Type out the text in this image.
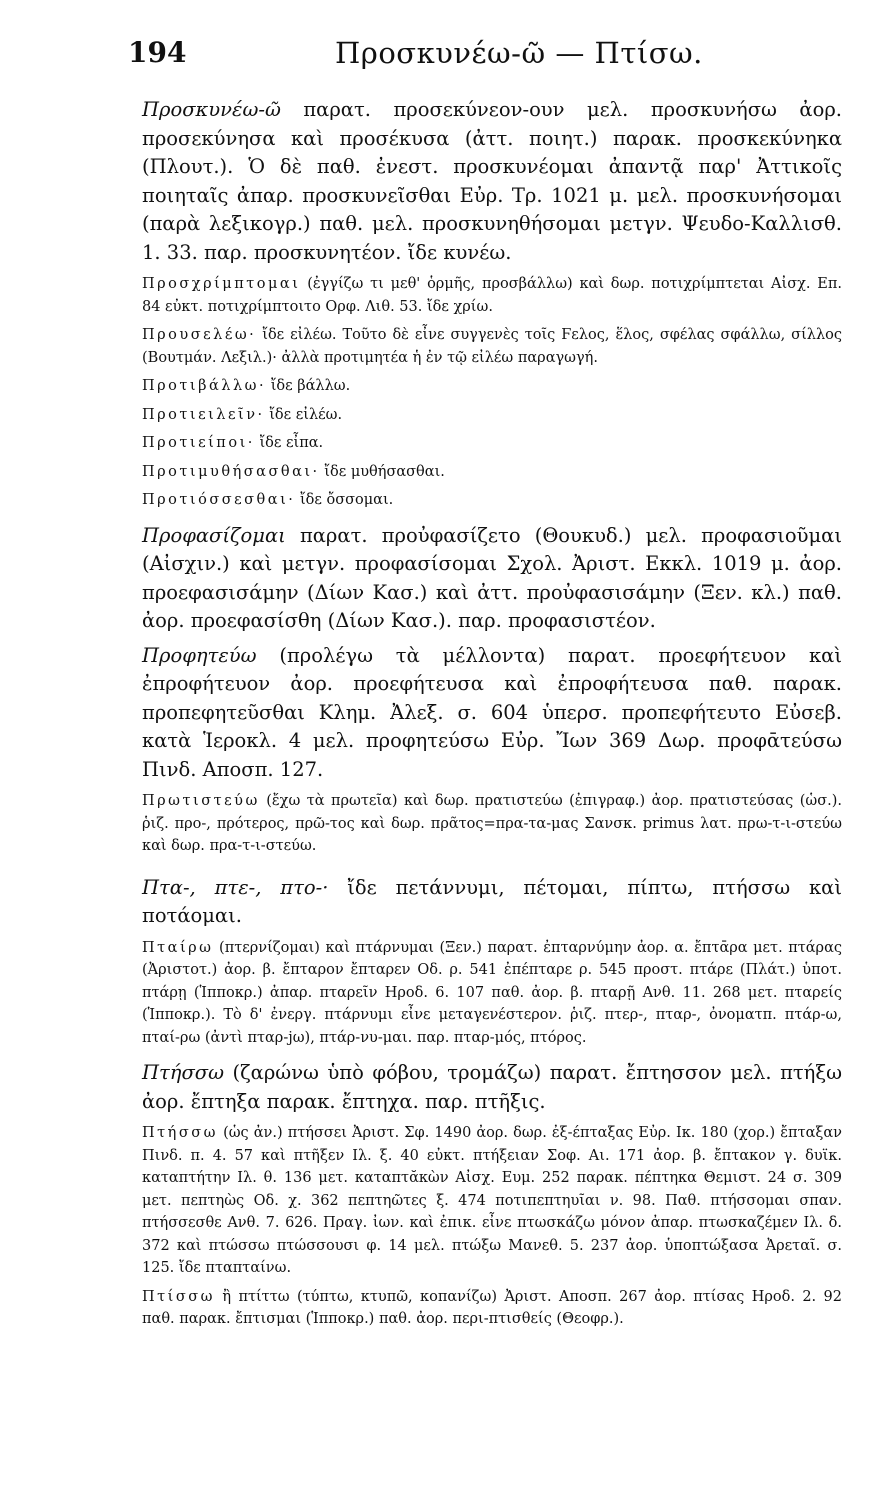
194	Προσκυνέω-ῶ — Πτίσω.

Προσκυνέω-ῶ παρατ. προσεκύνεον-ουν μελ. προσκυνήσω ἀορ. προσεκύνησα καὶ προσέκυσα (ἀττ. ποιητ.) παρακ. προσκεκύνηκα (Πλουτ.). Ὁ δὲ παθ. ἐνεστ. προσκυνέομαι ἀπαντᾷ παρ' Ἀττικοῖς ποιηταῖς ἀπαρ. προσκυνεῖσθαι Εὐρ. Τρ. 1021 μ. μελ. προσκυνήσομαι (παρὰ λεξικογρ.) παθ. μελ. προσκυνηθήσομαι μετγν. Ψευδο-Καλλισθ. 1. 33. παρ. προσκυνητέον. ἴδε κυνέω.

Προσχρίμπτομαι (ἐγγίζω τι μεθ' ὁρμῆς, προσβάλλω) καὶ δωρ. ποτιχρίμπτεται Αἰσχ. Επ. 84 εὐκτ. ποτιχρίμπτοιτο Ορφ. Λιθ. 53. ἴδε χρίω.

Προυσελέω· ἴδε εἰλέω. Τοῦτο δὲ εἶνε συγγενὲς τοῖς Ϝελος, ἕλος, σφέλας σφάλλω, σίλλος (Βουτμάν. Λεξιλ.)· ἀλλὰ προτιμητέα ἡ ἐν τῷ εἰλέω παραγωγή.

Προτιβάλλω· ἴδε βάλλω.

Προτιειλεῖν· ἴδε εἰλέω.

Προτιείποι· ἴδε εἶπα.

Προτιμυθήσασθαι· ἴδε μυθήσασθαι.

Προτιόσσεσθαι· ἴδε ὄσσομαι.

Προφασίζομαι παρατ. προὐφασίζετο (Θουκυδ.) μελ. προφασιοῦμαι (Αἰσχιν.) καὶ μετγν. προφασίσομαι Σχολ. Ἀριστ. Εκκλ. 1019 μ. ἀορ. προεφασισάμην (Δίων Κασ.) καὶ ἀττ. προὐφασισάμην (Ξεν. κλ.) παθ. ἀορ. προεφασίσθη (Δίων Κασ.). παρ. προφασιστέον.

Προφητεύω (προλέγω τὰ μέλλοντα) παρατ. προεφήτευον καὶ ἐπροφήτευον ἀορ. προεφήτευσα καὶ ἐπροφήτευσα παθ. παρακ. προπεφητεῦσθαι Κλημ. Ἀλεξ. σ. 604 ὑπερσ. προπεφήτευτο Εὐσεβ. κατὰ Ἱεροκλ. 4 μελ. προφητεύσω Εὐρ. Ἴων 369 Δωρ. προφᾱτεύσω Πινδ. Αποσπ. 127.

Πρωτιστεύω (ἔχω τὰ πρωτεῖα) καὶ δωρ. πρατιστεύω (ἐπιγραφ.) ἀορ. πρατιστεύσας (ὡσ.). ῥιζ. προ-, πρότερος, πρῶ-τος καὶ δωρ. πρᾶτος=πρα-τα-μας Σανσκ. primus λατ. πρω-τ-ι-στεύω καὶ δωρ. πρα-τ-ι-στεύω.

Πτα-, πτε-, πτο-· ἴδε πετάννυμι, πέτομαι, πίπτω, πτήσσω καὶ ποτάομαι.

Πταίρω (πτερνίζομαι) καὶ πτάρνυμαι (Ξεν.) παρατ. ἐπταρνύμην ἀορ. α. ἔπτᾱρα μετ. πτάρας (Ἀριστοτ.) ἀορ. β. ἔπταρον ἔπταρεν Οδ. ρ. 541 ἐπέπταρε ρ. 545 προστ. πτάρε (Πλάτ.) ὑποτ. πτάρῃ (Ἱπποκρ.) ἀπαρ. πταρεῖν Ηροδ. 6. 107 παθ. ἀορ. β. πταρῇ Ανθ. 11. 268 μετ. πταρείς (Ἱπποκρ.). Τὸ δ' ἐνεργ. πτάρνυμι εἶνε μεταγενέστερον. ῥιζ. πτερ-, πταρ-, ὀνοματπ. πτάρ-ω, πταί-ρω (ἀντὶ πταρ-jω), πτάρ-νυ-μαι. παρ. πταρ-μός, πτόρος.

Πτήσσω (ζαρώνω ὑπὸ φόβου, τρομάζω) παρατ. ἔπτησσον μελ. πτήξω ἀορ. ἔπτηξα παρακ. ἔπτηχα. παρ. πτῆξις.

Πτήσσω (ὡς ἀν.) πτήσσει Ἀριστ. Σφ. 1490 ἀορ. δωρ. ἐξ-έπταξας Εὐρ. Ικ. 180 (χορ.) ἔπταξαν Πινδ. π. 4. 57 καὶ πτῆξεν Ιλ. ξ. 40 εὐκτ. πτήξειαν Σοφ. Αι. 171 ἀορ. β. ἔπτακον γ. δυϊκ. καταπτήτην Ιλ. θ. 136 μετ. καταπτᾰκὼν Αἰσχ. Ευμ. 252 παρακ. πέπτηκα Θεμιστ. 24 σ. 309 μετ. πεπτηὼς Οδ. χ. 362 πεπτηῶτες ξ. 474 ποτιπεπτηυῖαι ν. 98. Παθ. πτήσσομαι σπαν. πτήσσεσθε Ανθ. 7. 626. Πραγ. ἰων. καὶ ἐπικ. εἶνε πτωσκάζω μόνον ἀπαρ. πτωσκαζέμεν Ιλ. δ. 372 καὶ πτώσσω πτώσσουσι φ. 14 μελ. πτώξω Μανεθ. 5. 237 ἀορ. ὑποπτώξασα Ἀρεταῖ. σ. 125. ἴδε πταπταίνω.

Πτίσσω ἢ πτίττω (τύπτω, κτυπῶ, κοπανίζω) Ἀριστ. Αποσπ. 267 ἀορ. πτίσας Ηροδ. 2. 92 παθ. παρακ. ἔπτισμαι (Ἱπποκρ.) παθ. ἀορ. περι-πτισθείς (Θεοφρ.).
